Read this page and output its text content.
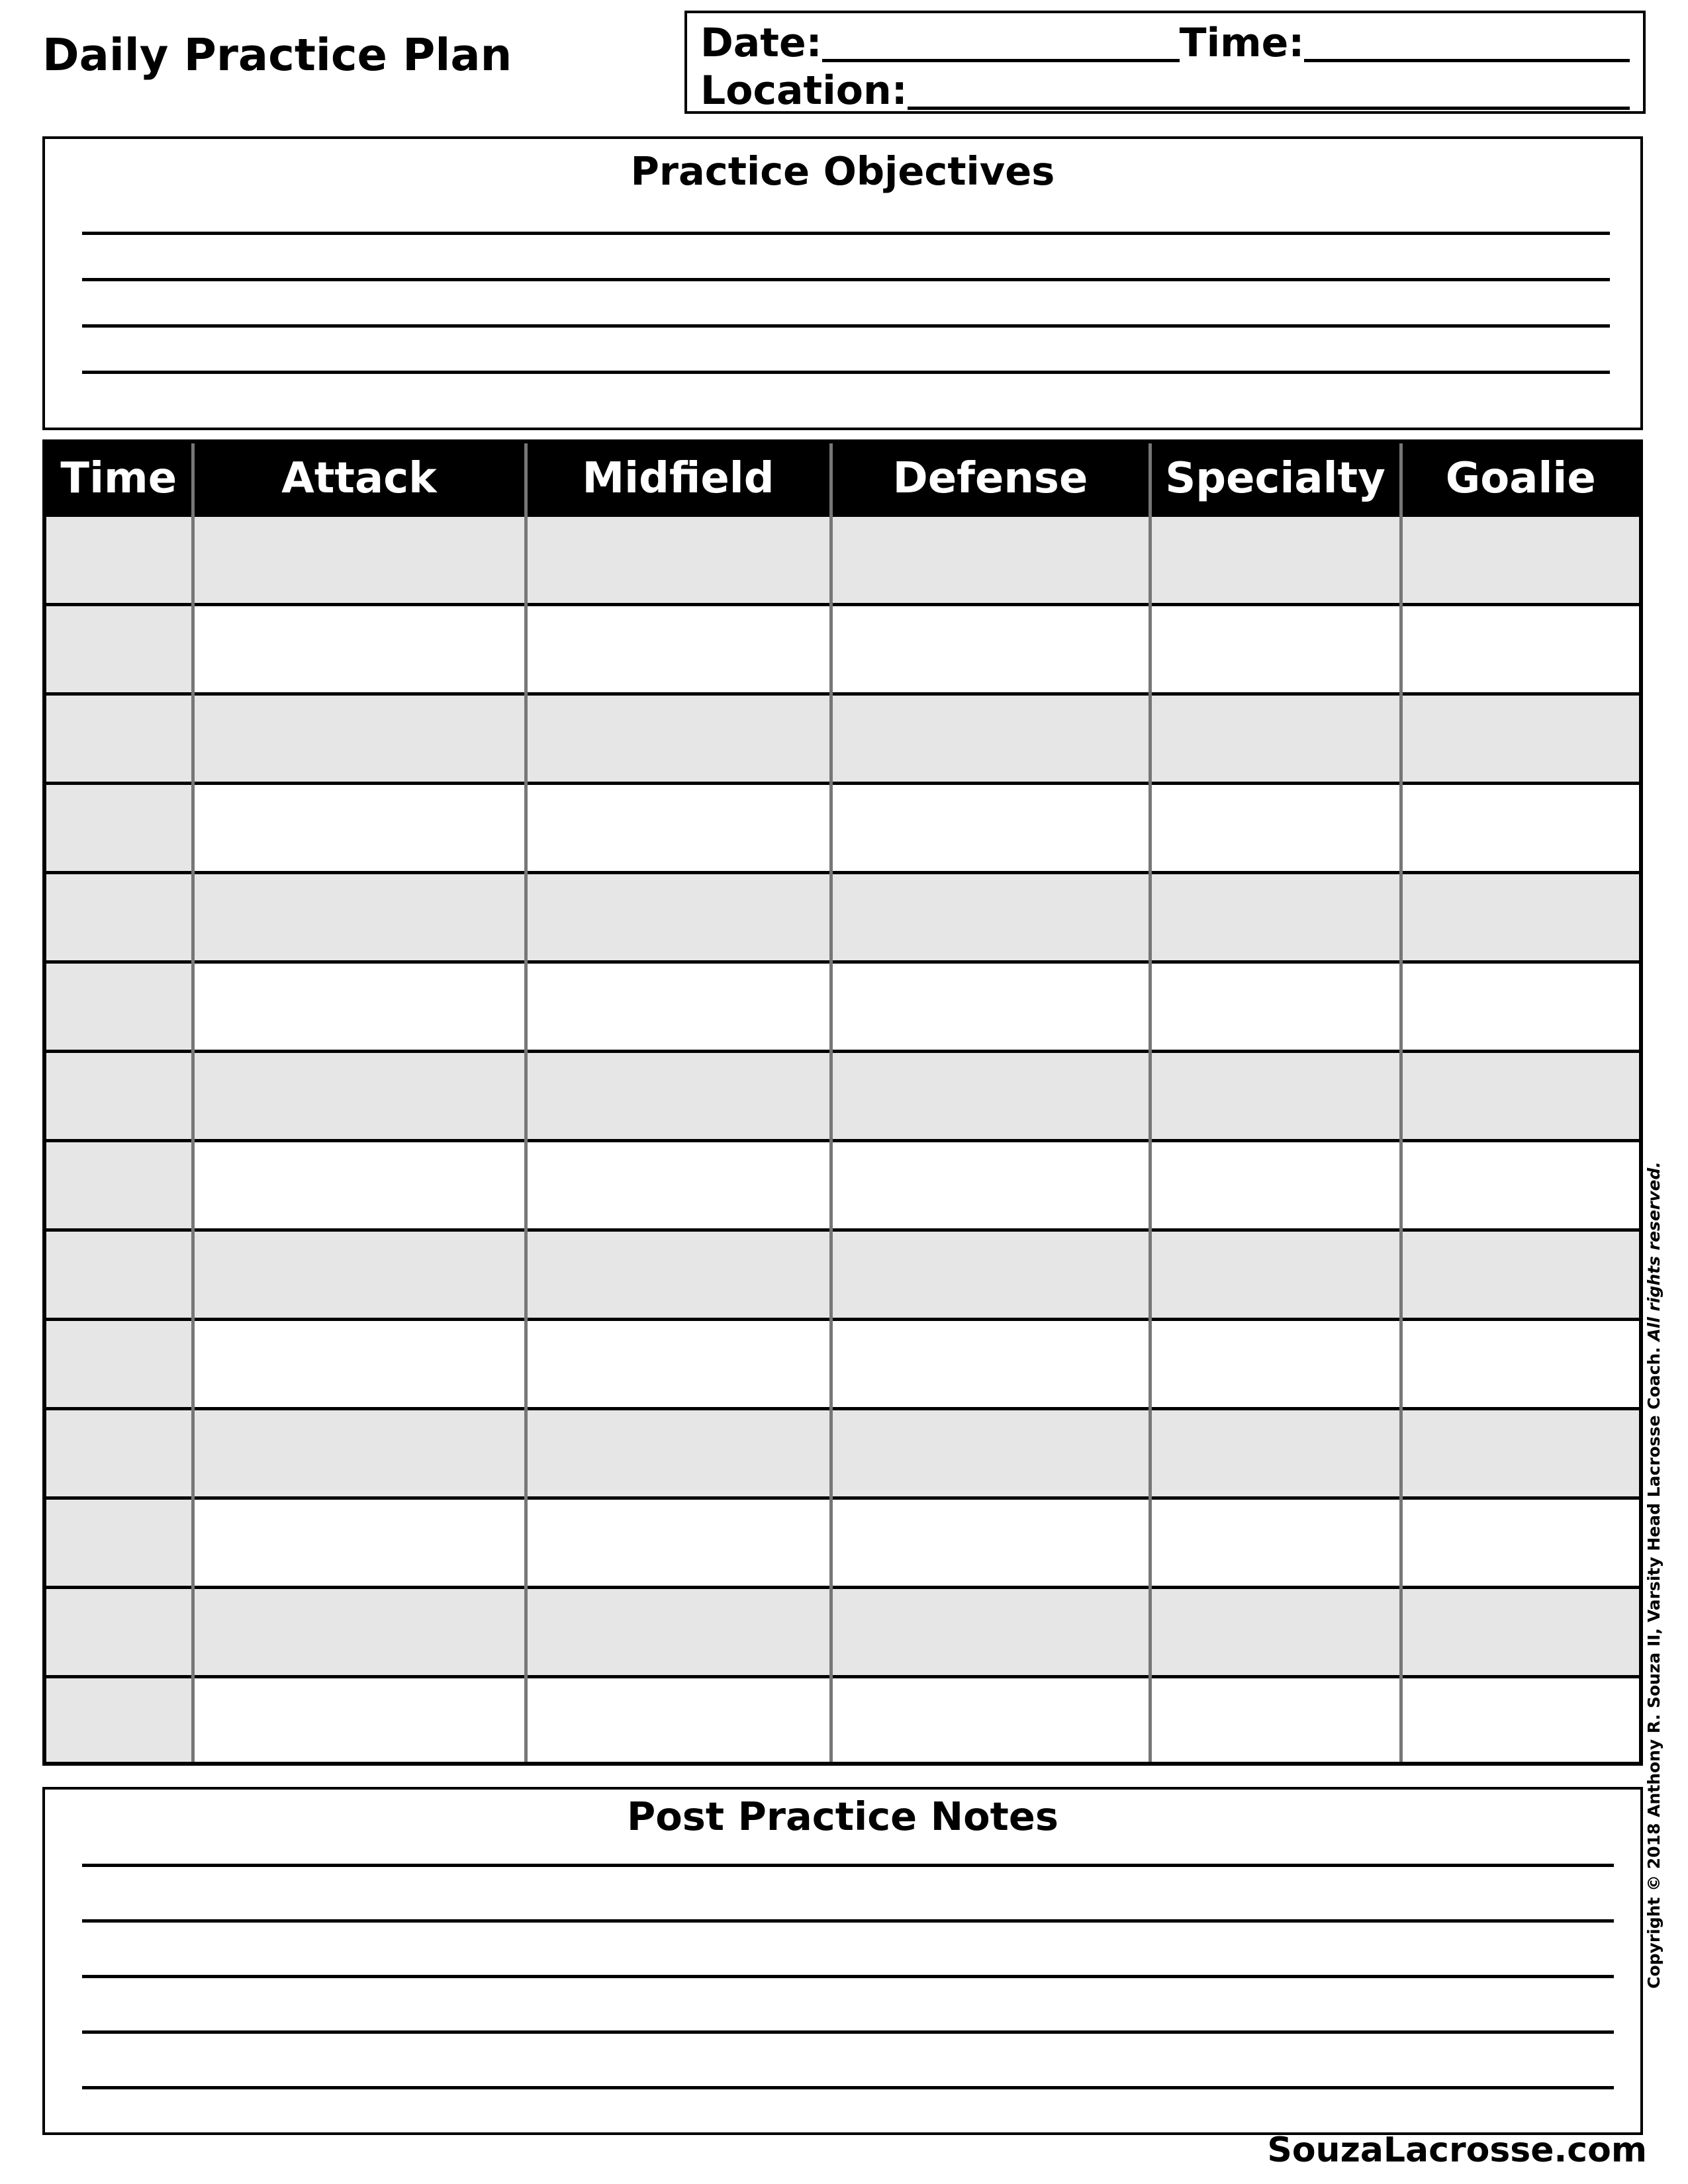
Daily Practice Plan	Date:	Time:
Location:
Practice Objectives
Time	Attack	Midfield	Defense	Specialty	Goalie

Post Practice Notes	Copyright © 2018 Anthony R. Souza II, Varsity Head Lacrosse Coach. All rights reserved.
SouzaLacrosse.com
